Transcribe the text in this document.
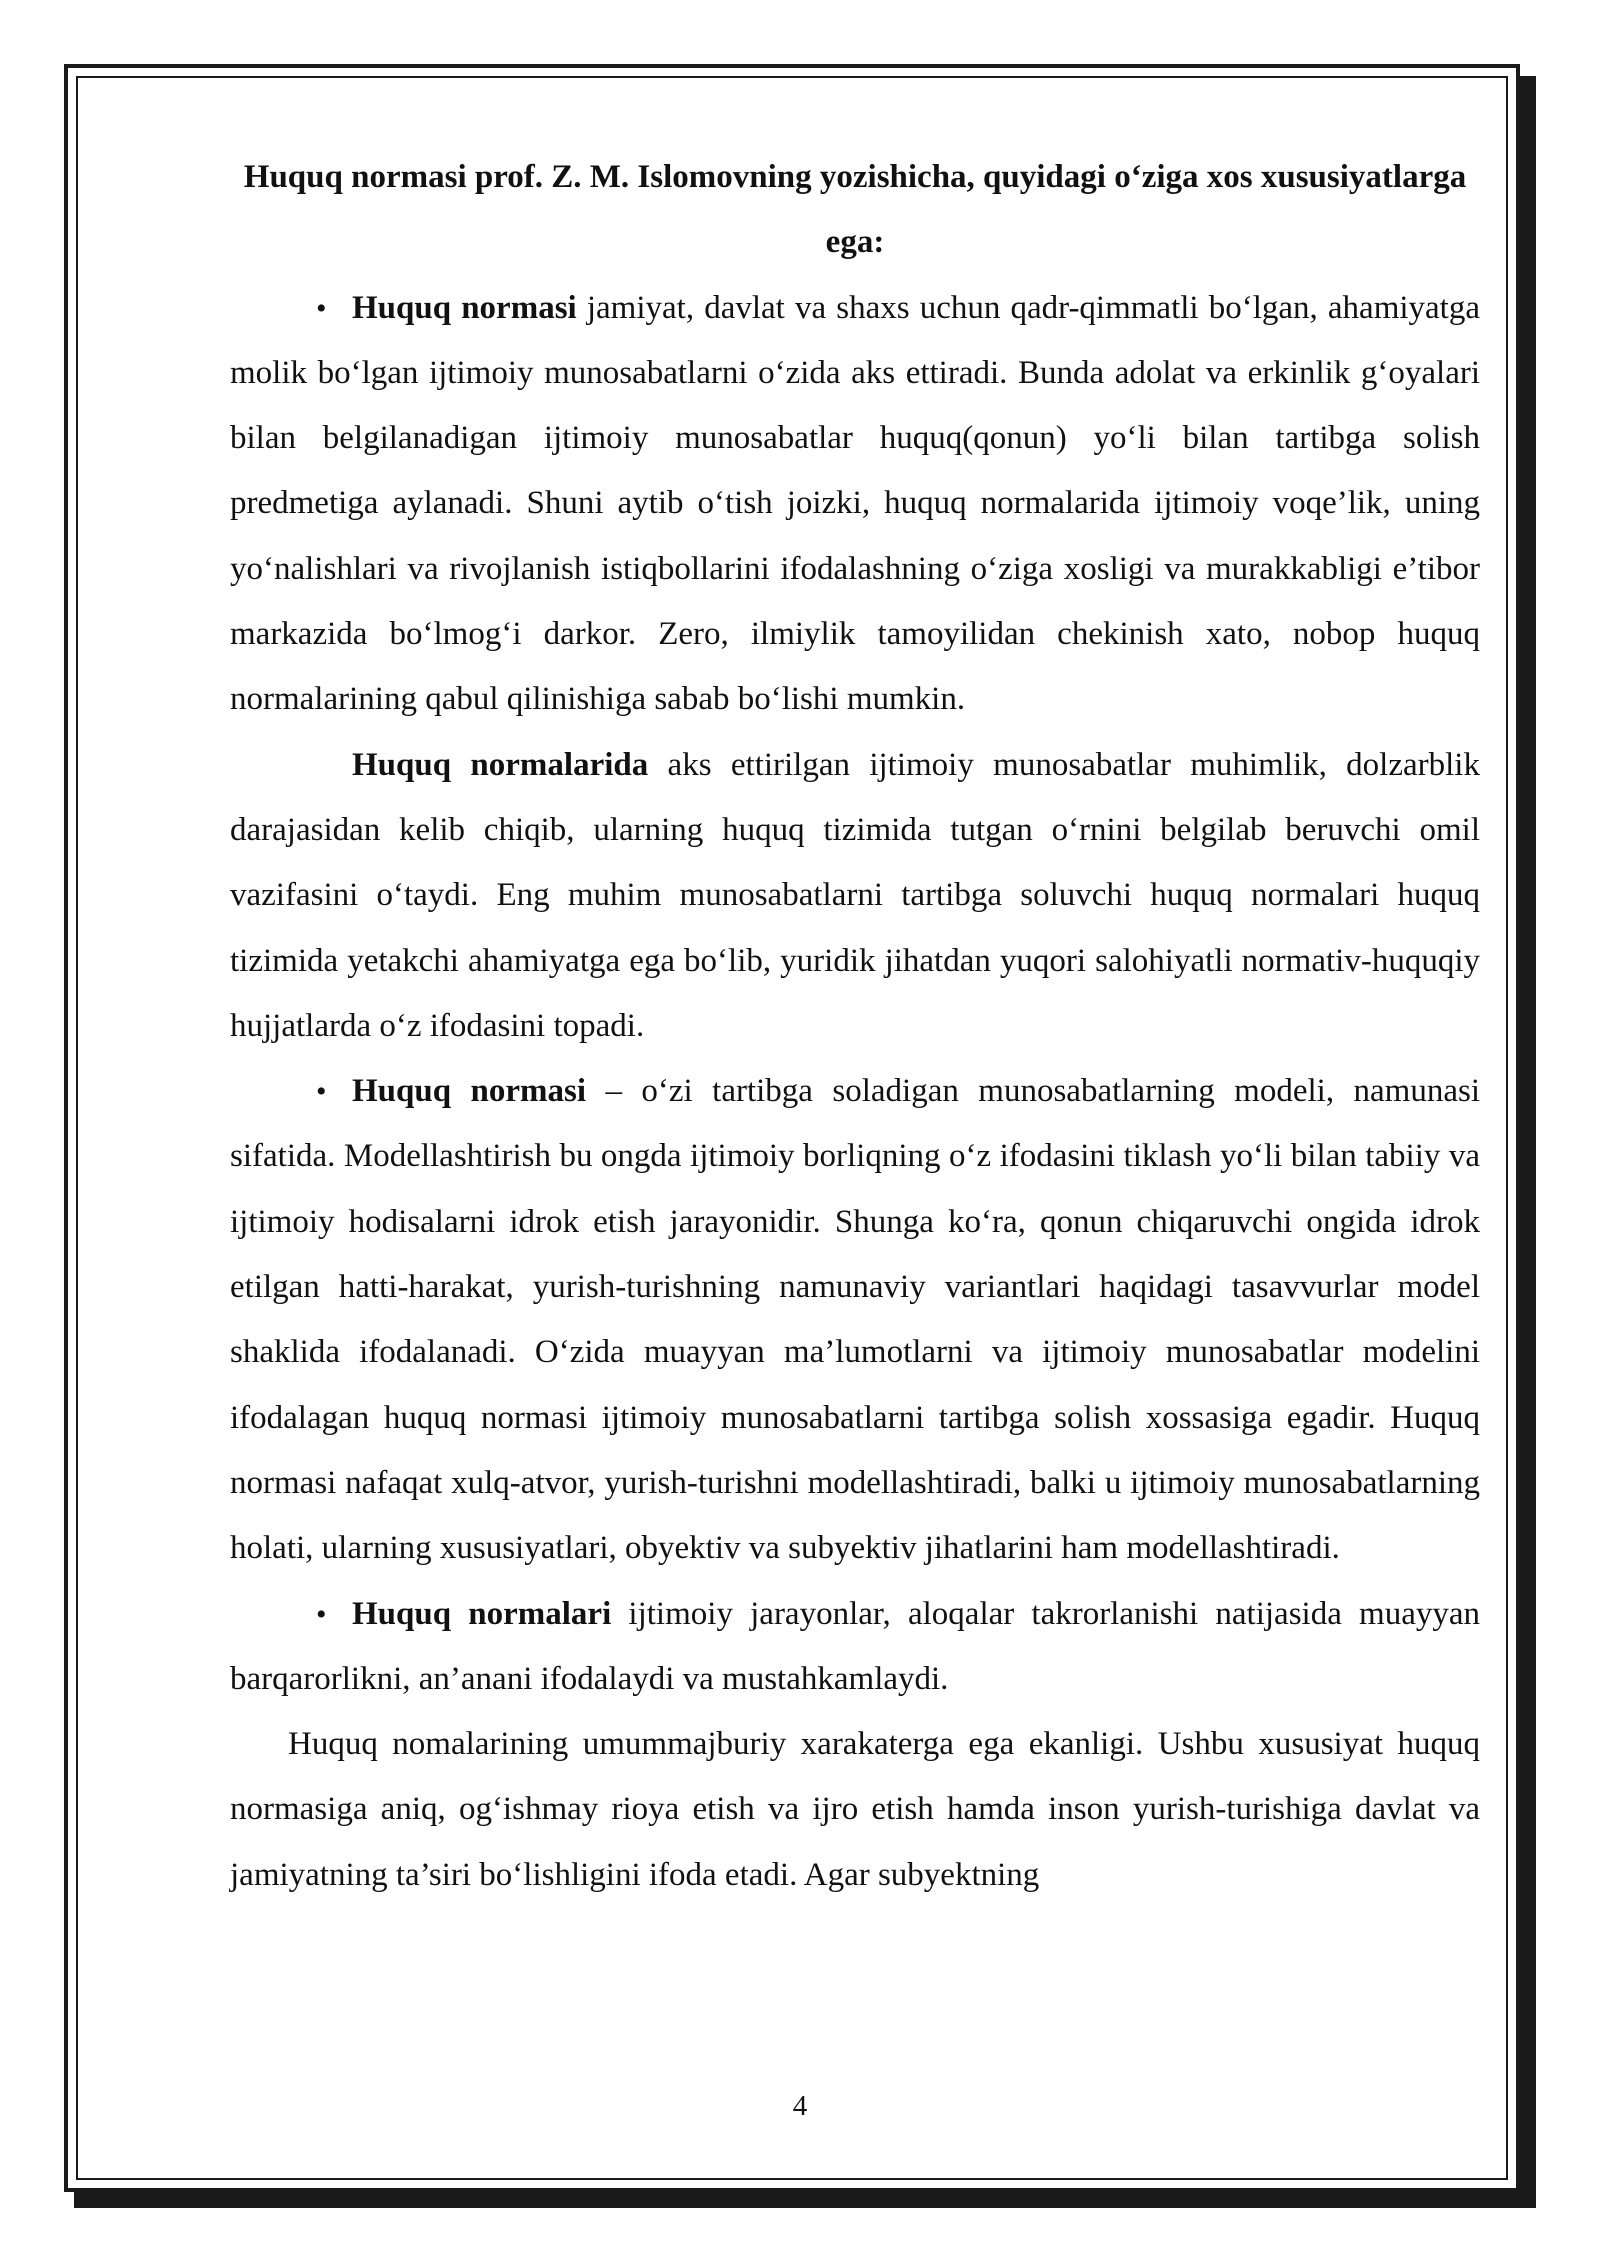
Huquq normasi prof. Z. M. Islomovning yozishicha, quyidagi o‘ziga xos xususiyatlarga ega:

• Huquq normasi jamiyat, davlat va shaxs uchun qadr-qimmatli bo‘lgan, ahamiyatga molik bo‘lgan ijtimoiy munosabatlarni o‘zida aks ettiradi. Bunda adolat va erkinlik g‘oyalari bilan belgilanadigan ijtimoiy munosabatlar huquq(qonun) yo‘li bilan tartibga solish predmetiga aylanadi. Shuni aytib o‘tish joizki, huquq normalarida ijtimoiy voqe’lik, uning yo‘nalishlari va rivojlanish istiqbollarini ifodalashning o‘ziga xosligi va murakkabligi e’tibor markazida bo‘lmog‘i darkor. Zero, ilmiylik tamoyilidan chekinish xato, nobop huquq normalarining qabul qilinishiga sabab bo‘lishi mumkin.

Huquq normalarida aks ettirilgan ijtimoiy munosabatlar muhimlik, dolzarblik darajasidan kelib chiqib, ularning huquq tizimida tutgan o‘rnini belgilab beruvchi omil vazifasini o‘taydi. Eng muhim munosabatlarni tartibga soluvchi huquq normalari huquq tizimida yetakchi ahamiyatga ega bo‘lib, yuridik jihatdan yuqori salohiyatli normativ-huquqiy hujjatlarda o‘z ifodasini topadi.

• Huquq normasi – o‘zi tartibga soladigan munosabatlarning modeli, namunasi sifatida. Modellashtirish bu ongda ijtimoiy borliqning o‘z ifodasini tiklash yo‘li bilan tabiiy va ijtimoiy hodisalarni idrok etish jarayonidir. Shunga ko‘ra, qonun chiqaruvchi ongida idrok etilgan hatti-harakat, yurish-turishning namunaviy variantlari haqidagi tasavvurlar model shaklida ifodalanadi. O‘zida muayyan ma’lumotlarni va ijtimoiy munosabatlar modelini ifodalagan huquq normasi ijtimoiy munosabatlarni tartibga solish xossasiga egadir. Huquq normasi nafaqat xulq-atvor, yurish-turishni modellashtiradi, balki u ijtimoiy munosabatlarning holati, ularning xususiyatlari, obyektiv va subyektiv jihatlarini ham modellashtiradi.

• Huquq normalari ijtimoiy jarayonlar, aloqalar takrorlanishi natijasida muayyan barqarorlikni, an’anani ifodalaydi va mustahkamlaydi.

Huquq nomalarining umummajburiy xarakaterga ega ekanligi. Ushbu xususiyat huquq normasiga aniq, og‘ishmay rioya etish va ijro etish hamda inson yurish-turishiga davlat va jamiyatning ta’siri bo‘lishligini ifoda etadi. Agar subyektning

4
